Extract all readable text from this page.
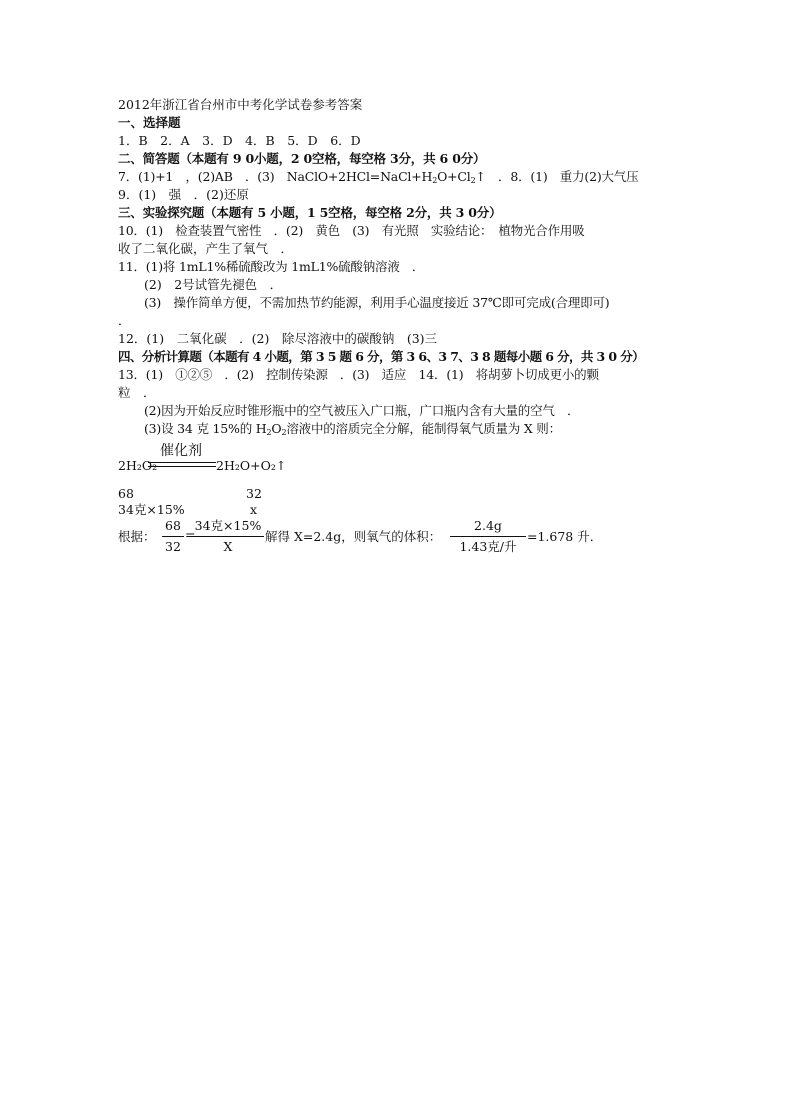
2012年浙江省台州市中考化学试卷参考答案
一、选择题
1．B　2．A　3．D　4．B　5．D　6．D
二、简答题（本题有 9 0小题，2 0空格，每空格 3分，共 6 0分）
7．(1)+1　，(2)AB　．(3)　$NaClO+2HCl=NaCl+H_2O+Cl_2↑$　．8．(1)　重力(2)大气压
9．(1)　强　．(2)还原
三、实验探究题（本题有 5 小题，1 5空格，每空格 2分，共 3 0分）
10．(1)　检查装置气密性　．(2)　黄色　(3)　有光照　实验结论：　植物光合作用吸
收了二氧化碳，产生了氧气　．
11．(1)将 1mL1%稀硫酸改为 1mL1%硫酸钠溶液　．
(2)　2号试管先褪色　．
(3)　操作简单方便，不需加热节约能源，利用手心温度接近 37℃即可完成(合理即可)
．
12．(1)　二氧化碳　．(2)　除尽溶液中的碳酸钠　(3)三
四、分析计算题（本题有 4 小题，第 3 5 题 6 分，第 3 6、3 7、3 8 题每小题 6 分，共 3 0 分）
13．(1)　①②⑤　．(2)　控制传染源　．(3)　适应　14．(1)　将胡萝卜切成更小的颗
粒　．
(2)因为开始反应时锥形瓶中的空气被压入广口瓶，广口瓶内含有大量的空气　．
(3)设 34 克 15%的 $H_2O_2$溶液中的溶质完全分解，能制得氧气质量为 X 则：
催化剂
2H₂O₂	2H₂O+O₂↑
68	32
34克×15%	x
根据：
68
32
=
34克×15%
X
解得 X=2.4g，则氧气的体积：
2.4g
1.43克/升
=1.678 升．
